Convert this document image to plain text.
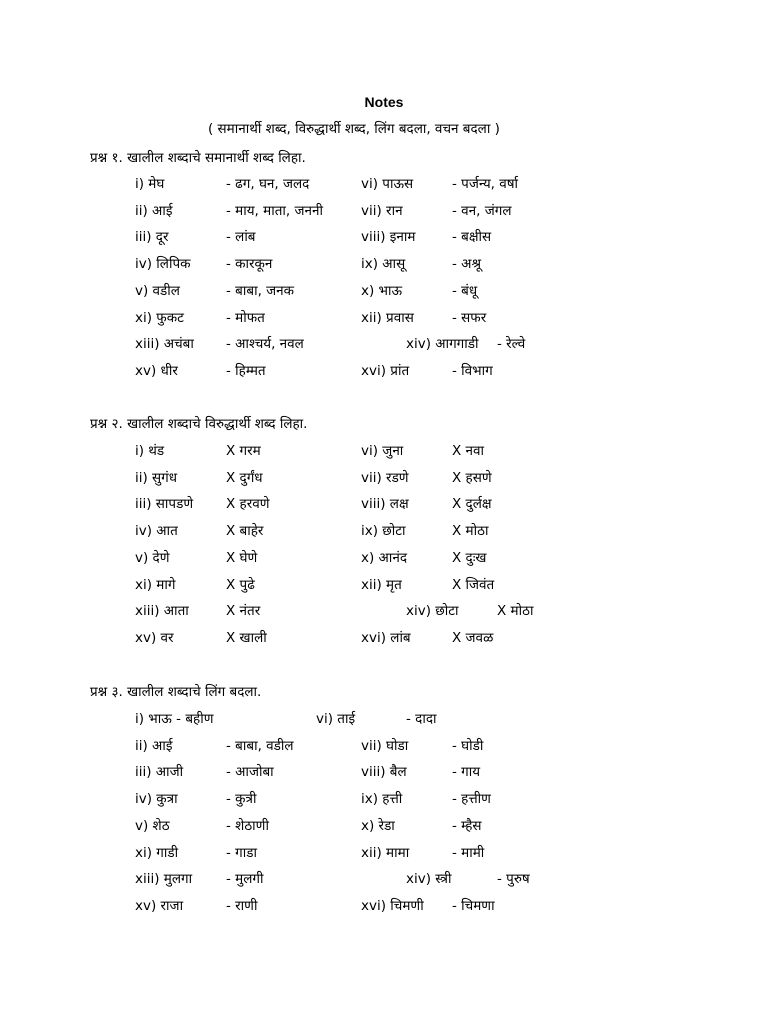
Notes
( समानार्थी शब्द, विरुद्धार्थी शब्द, लिंग बदला, वचन बदला )
प्रश्न १. खालील शब्दाचे समानार्थी शब्द लिहा.
i) मेघ	- ढग, घन, जलद	vi) पाऊस	- पर्जन्य, वर्षा
ii) आई	- माय, माता, जननी	vii) रान	- वन, जंगल
iii) दूर	- लांब	viii) इनाम	- बक्षीस
iv) लिपिक	- कारकून	ix) आसू	- अश्रू
v) वडील	- बाबा, जनक	x) भाऊ	- बंधू
xi) फुकट	- मोफत	xii) प्रवास	- सफर
xiii) अचंबा - आश्चर्य, नवल	xiv) आगगाडी - रेल्वे
xv) धीर	- हिम्मत	xvi) प्रांत	- विभाग
प्रश्न २. खालील शब्दाचे विरुद्धार्थी शब्द लिहा.
i) थंड	X गरम	vi) जुना	X नवा
ii) सुगंध	X दुर्गंध	vii) रडणे	X हसणे
iii) सापडणे X हरवणे	viii) लक्ष	X दुर्लक्ष
iv) आत	X बाहेर	ix) छोटा	X मोठा
v) देणे	X घेणे	x) आनंद	X दुःख
xi) मागे	X पुढे	xii) मृत	X जिवंत
xiii) आता	X नंतर	xiv) छोटा	X मोठा
xv) वर	X खाली	xvi) लांब	X जवळ
प्रश्न ३. खालील शब्दाचे लिंग बदला.
i) भाऊ - बहीण	vi) ताई	- दादा
ii) आई	- बाबा, वडील	vii) घोडा	- घोडी
iii) आजी	- आजोबा	viii) बैल	- गाय
iv) कुत्रा	- कुत्री	ix) हत्ती	- हत्तीण
v) शेठ	- शेठाणी	x) रेडा	- म्हैस
xi) गाडी	- गाडा	xii) मामा	- मामी
xiii) मुलगा	- मुलगी	xiv) स्त्री	- पुरुष
xv) राजा	- राणी	xvi) चिमणी - चिमणा
